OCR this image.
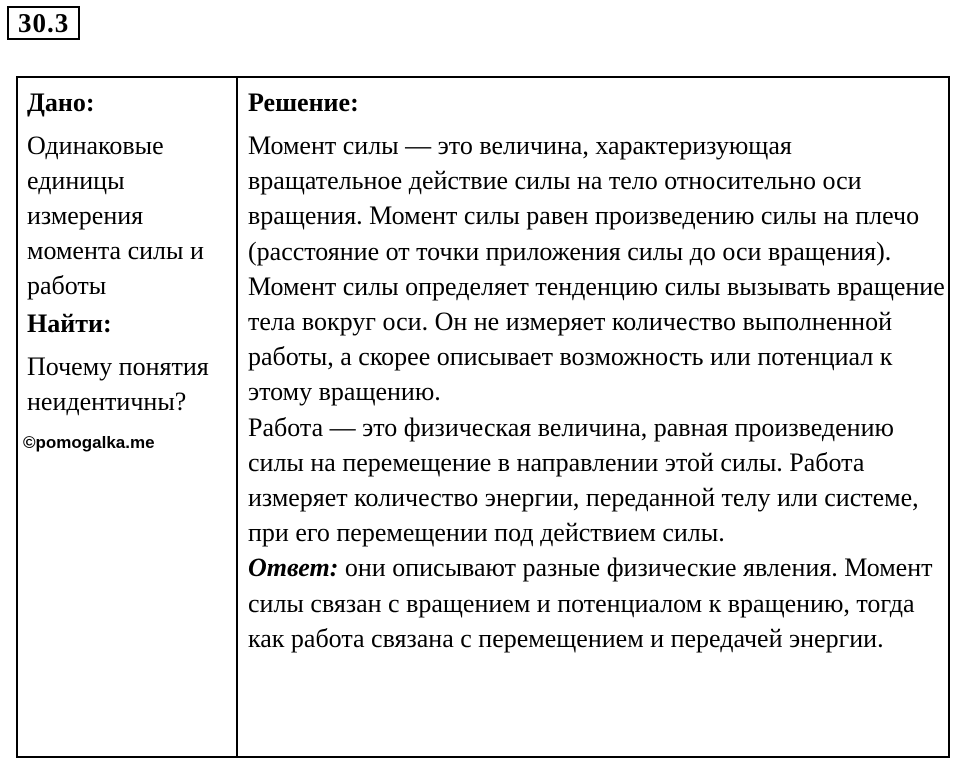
30.3
Дано:
Одинаковые единицы измерения момента силы и работы
Найти:
Почему понятия неидентичны?
©pomogalka.me
Решение:

Момент силы — это величина, характеризующая вращательное действие силы на тело относительно оси вращения. Момент силы равен произведению силы на плечо (расстояние от точки приложения силы до оси вращения). Момент силы определяет тенденцию силы вызывать вращение тела вокруг оси. Он не измеряет количество выполненной работы, а скорее описывает возможность или потенциал к этому вращению.

Работа — это физическая величина, равная произведению силы на перемещение в направлении этой силы. Работа измеряет количество энергии, переданной телу или системе, при его перемещении под действием силы.

Ответ: они описывают разные физические явления. Момент силы связан с вращением и потенциалом к вращению, тогда как работа связана с перемещением и передачей энергии.
